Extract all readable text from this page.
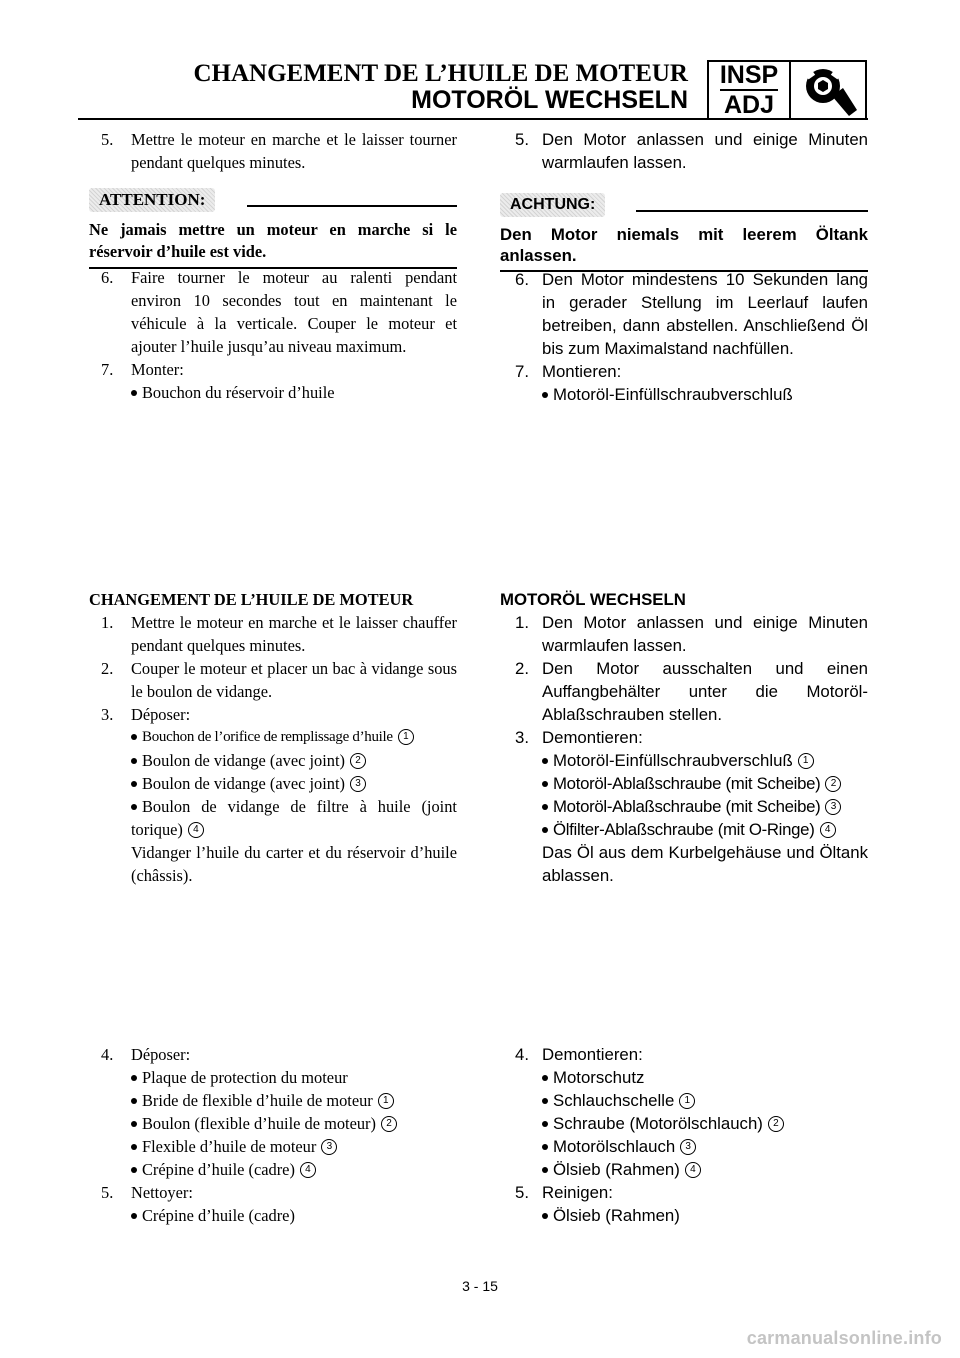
CHANGEMENT DE L’HUILE DE MOTEUR
MOTORÖL WECHSELN
INSP
ADJ
5. Mettre le moteur en marche et le laisser tourner pendant quelques minutes.
ATTENTION:
Ne jamais mettre un moteur en marche si le réservoir d’huile est vide.
6. Faire tourner le moteur au ralenti pendant environ 10 secondes tout en maintenant le véhicule à la verticale. Couper le moteur et ajouter l’huile jusqu’au niveau maximum.
7. Monter:
Bouchon du réservoir d’huile
5. Den Motor anlassen und einige Minuten warmlaufen lassen.
ACHTUNG:
Den Motor niemals mit leerem Öltank anlassen.
6. Den Motor mindestens 10 Sekunden lang in gerader Stellung im Leerlauf laufen betreiben, dann abstellen. Anschließend Öl bis zum Maximalstand nachfüllen.
7. Montieren:
Motoröl-Einfüllschraubverschluß
CHANGEMENT DE L’HUILE DE MOTEUR
1. Mettre le moteur en marche et le laisser chauffer pendant quelques minutes.
2. Couper le moteur et placer un bac à vidange sous le boulon de vidange.
3. Déposer:
Bouchon de l’orifice de remplissage d’huile 1
Boulon de vidange (avec joint) 2
Boulon de vidange (avec joint) 3
Boulon de vidange de filtre à huile (joint torique) 4
Vidanger l’huile du carter et du réservoir d’huile (châssis).
MOTORÖL WECHSELN
1. Den Motor anlassen und einige Minuten warmlaufen lassen.
2. Den Motor ausschalten und einen Auffangbehälter unter die Motoröl-Ablaßschrauben stellen.
3. Demontieren:
Motoröl-Einfüllschraubverschluß 1
Motoröl-Ablaßschraube (mit Scheibe) 2
Motoröl-Ablaßschraube (mit Scheibe) 3
Ölfilter-Ablaßschraube (mit O-Ringe) 4
Das Öl aus dem Kurbelgehäuse und Öltank ablassen.
4. Déposer:
Plaque de protection du moteur
Bride de flexible d’huile de moteur 1
Boulon (flexible d’huile de moteur) 2
Flexible d’huile de moteur 3
Crépine d’huile (cadre) 4
5. Nettoyer:
Crépine d’huile (cadre)
4. Demontieren:
Motorschutz
Schlauchschelle 1
Schraube (Motorölschlauch) 2
Motorölschlauch 3
Ölsieb (Rahmen) 4
5. Reinigen:
Ölsieb (Rahmen)
3 - 15
carmanualsonline.info
